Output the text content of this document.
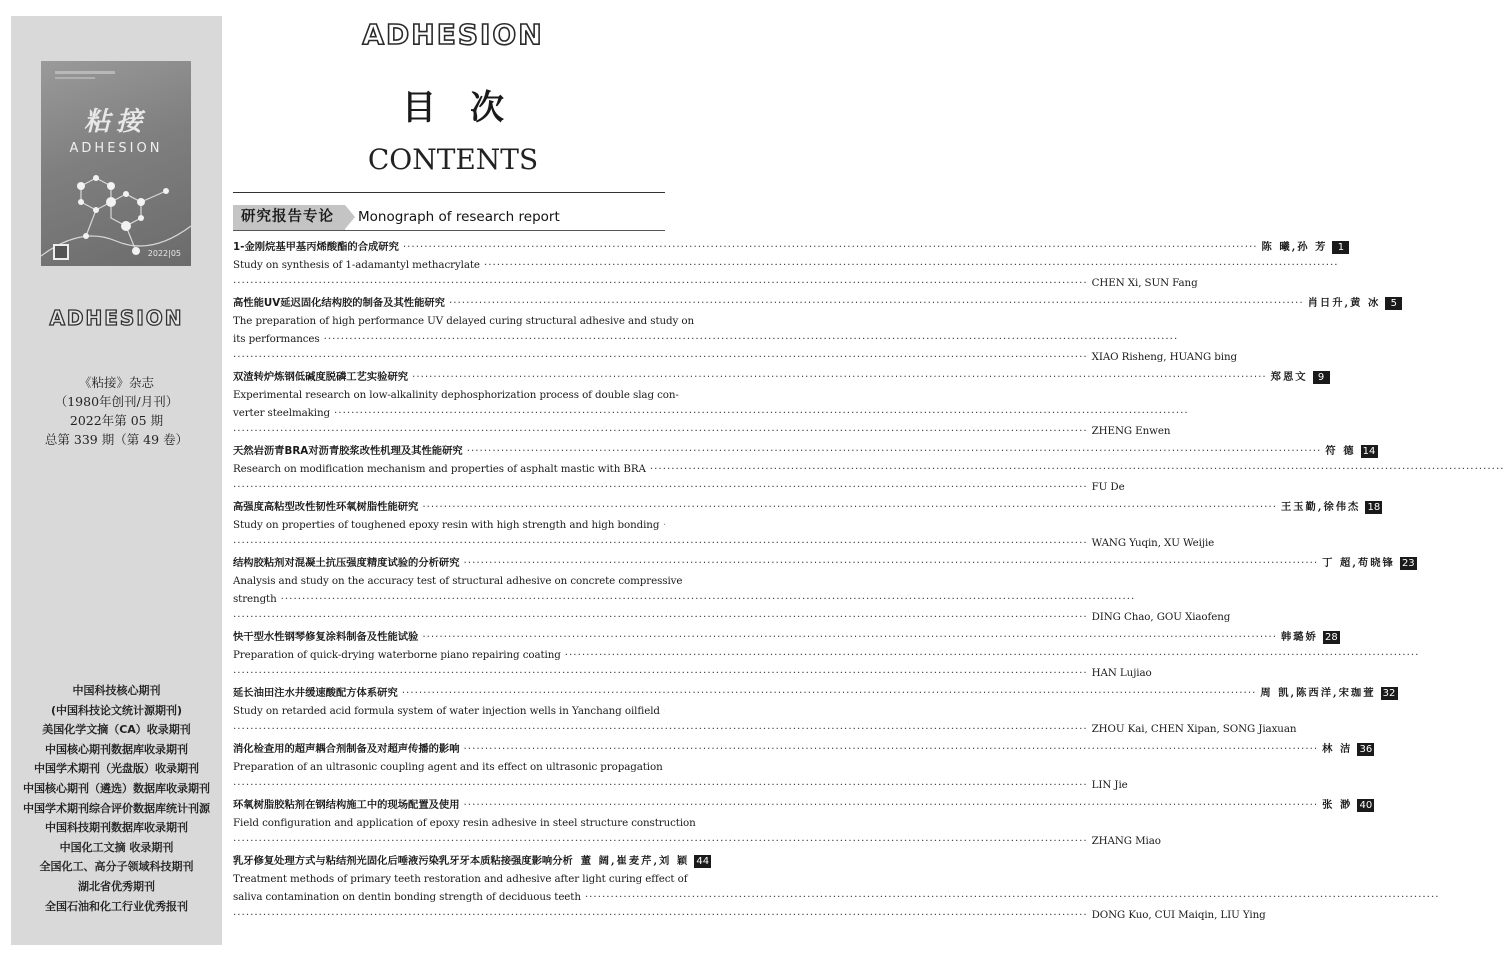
粘接
ADHESION
2022|05
ADHESION
《粘接》杂志
（1980年创刊/月刊）
2022年第 05 期
总第 339 期（第 49 卷）
中国科技核心期刊
(中国科技论文统计源期刊)
美国化学文摘（CA）收录期刊
中国核心期刊数据库收录期刊
中国学术期刊（光盘版）收录期刊
中国核心期刊（遴选）数据库收录期刊
中国学术期刊综合评价数据库统计刊源
中国科技期刊数据库收录期刊
中国化工文摘 收录期刊
全国化工、高分子领域科技期刊
湖北省优秀期刊
全国石油和化工行业优秀报刊
ADHESION
目次
CONTENTS
研究报告专论	Monograph of research report
1-金刚烷基甲基丙烯酸酯的合成研究 ········································································································································································································ 陈 曦,孙 芳 1
Study on synthesis of 1-adamantyl methacrylate ········································································································································································································
········································································································································································································ CHEN Xi, SUN Fang
高性能UV延迟固化结构胶的制备及其性能研究 ········································································································································································································ 肖日升,黄 冰 5
The preparation of high performance UV delayed curing structural adhesive and study on
its performances ········································································································································································································
········································································································································································································ XIAO Risheng, HUANG bing
双渣转炉炼钢低碱度脱磷工艺实验研究 ········································································································································································································ 郑恩文 9
Experimental research on low-alkalinity dephosphorization process of double slag con-
verter steelmaking ········································································································································································································
········································································································································································································ ZHENG Enwen
天然岩沥青BRA对沥青胶浆改性机理及其性能研究 ········································································································································································································ 符 德 14
Research on modification mechanism and properties of asphalt mastic with BRA ········································································································································································································
········································································································································································································ FU De
高强度高粘型改性韧性环氧树脂性能研究 ········································································································································································································ 王玉勤,徐伟杰 18
Study on properties of toughened epoxy resin with high strength and high bonding
········································································································································································································ WANG Yuqin, XU Weijie
结构胶粘剂对混凝土抗压强度精度试验的分析研究 ········································································································································································································ 丁 超,苟晓锋 23
Analysis and study on the accuracy test of structural adhesive on concrete compressive
strength ········································································································································································································
········································································································································································································ DING Chao, GOU Xiaofeng
快干型水性钢琴修复涂料制备及性能试验 ········································································································································································································ 韩璐娇 28
Preparation of quick-drying waterborne piano repairing coating ········································································································································································································
········································································································································································································ HAN Lujiao
延长油田注水井缓速酸配方体系研究 ········································································································································································································ 周 凯,陈西洋,宋珈萱 32
Study on retarded acid formula system of water injection wells in Yanchang oilfield
········································································································································································································ ZHOU Kai, CHEN Xipan, SONG Jiaxuan
消化检查用的超声耦合剂制备及对超声传播的影响 ········································································································································································································ 林 洁 36
Preparation of an ultrasonic coupling agent and its effect on ultrasonic propagation
········································································································································································································ LIN Jie
环氧树脂胶粘剂在钢结构施工中的现场配置及使用 ········································································································································································································ 张 渺 40
Field configuration and application of epoxy resin adhesive in steel structure construction
········································································································································································································ ZHANG Miao
乳牙修复处理方式与粘结剂光固化后唾液污染乳牙牙本质粘接强度影响分析 董 阔,崔麦芹,刘 颖 44
Treatment methods of primary teeth restoration and adhesive after light curing effect of
saliva contamination on dentin bonding strength of deciduous teeth ········································································································································································································
········································································································································································································ DONG Kuo, CUI Maiqin, LIU Ying
